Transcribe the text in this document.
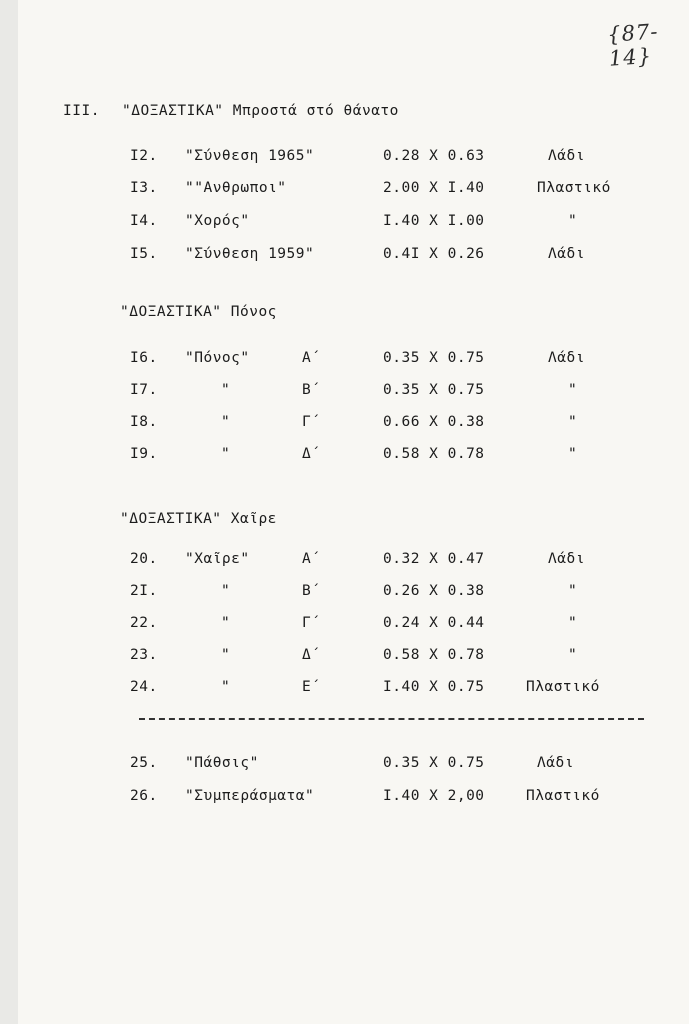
{87-14}
III. "ΔΟΞΑΣΤΙΚΑ" Μπροστά στό θάνατο
I2. "Σύνθεση 1965"	0.28 X 0.63	Λάδι
I3. ""Ανθρωποι"	2.00 X I.40	Πλαστικό
I4. "Χορός"	I.40 X I.00	"
I5. "Σύνθεση 1959"	0.4I X 0.26	Λάδι
"ΔΟΞΑΣΤΙΚΑ" Πόνος
I6. "Πόνος"	Α΄	0.35 X 0.75	Λάδι
I7.	"	Β΄	0.35 X 0.75	"
I8.	"	Γ΄	0.66 X 0.38	"
I9.	"	Δ΄	0.58 X 0.78	"
"ΔΟΞΑΣΤΙΚΑ" Χαῖρε
20. "Χαῖρε"	Α΄	0.32 X 0.47	Λάδι
2I.	"	Β΄	0.26 X 0.38	"
22.	"	Γ΄	0.24 X 0.44	"
23.	"	Δ΄	0.58 X 0.78	"
24.	"	Ε΄	I.40 X 0.75	Πλαστικό
25. "Πάθσις"	0.35 X 0.75	Λάδι
26. "Συμπεράσματα"	I.40 X 2,00	Πλαστικό
